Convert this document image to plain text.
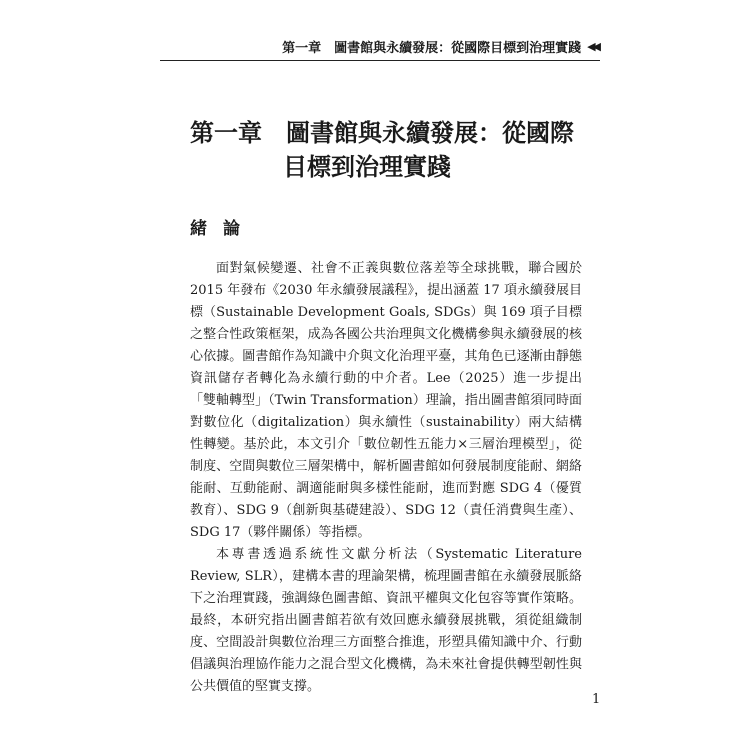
第一章　圖書館與永續發展：從國際目標到治理實踐 ◀◀
第一章 圖書館與永續發展：從國際
目標到治理實踐
緒論

面對氣候變遷、社會不正義與數位落差等全球挑戰，聯合國於2015 年發布《2030 年永續發展議程》，提出涵蓋 17 項永續發展目標（Sustainable Development Goals, SDGs）與 169 項子目標之整合性政策框架，成為各國公共治理與文化機構參與永續發展的核心依據。圖書館作為知識中介與文化治理平臺，其角色已逐漸由靜態資訊儲存者轉化為永續行動的中介者。Lee（2025）進一步提出「雙軸轉型」（Twin Transformation）理論，指出圖書館須同時面對數位化（digitalization）與永續性（sustainability）兩大結構性轉變。基於此，本文引介「數位韌性五能力×三層治理模型」，從制度、空間與數位三層架構中，解析圖書館如何發展制度能耐、網絡能耐、互動能耐、調適能耐與多樣性能耐，進而對應 SDG 4（優質教育）、SDG 9（創新與基礎建設）、SDG 12（責任消費與生產）、SDG 17（夥伴關係）等指標。

本專書透過系統性文獻分析法（Systematic Literature Review, SLR），建構本書的理論架構，梳理圖書館在永續發展脈絡下之治理實踐，強調綠色圖書館、資訊平權與文化包容等實作策略。最終，本研究指出圖書館若欲有效回應永續發展挑戰，須從組織制度、空間設計與數位治理三方面整合推進，形塑具備知識中介、行動倡議與治理協作能力之混合型文化機構，為未來社會提供轉型韌性與公共價值的堅實支撐。

1
